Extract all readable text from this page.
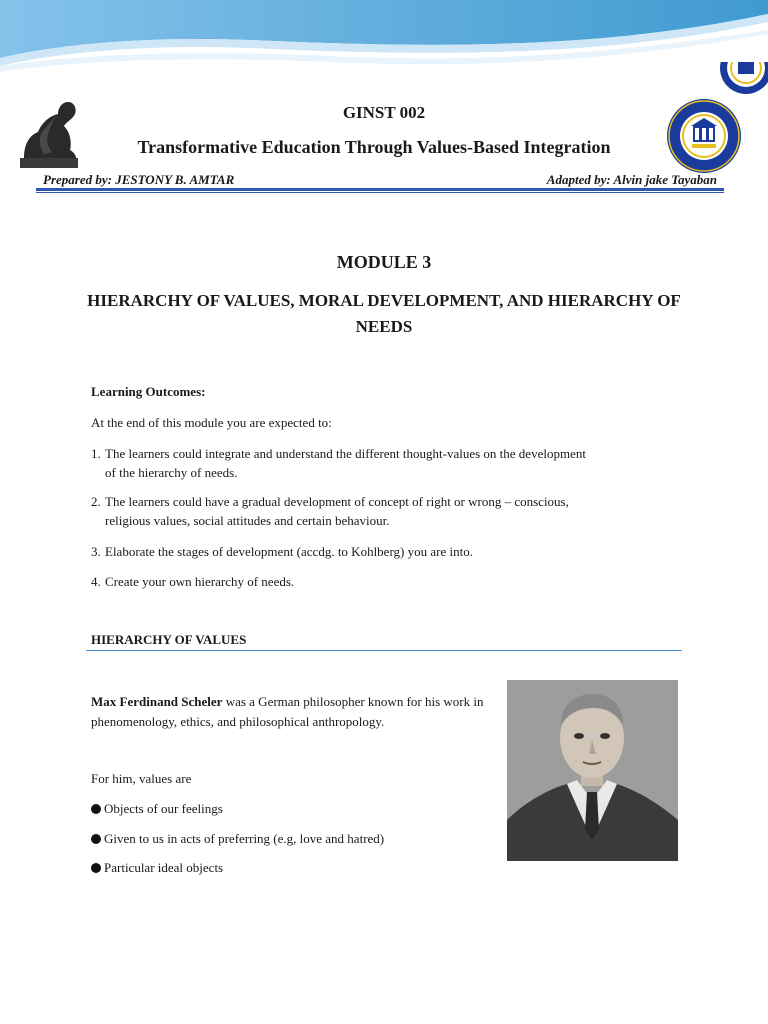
GINST 002
Transformative Education Through Values-Based Integration
Prepared by: JESTONY B. AMTAR	Adapted by: Alvin jake Tayaban
MODULE 3
HIERARCHY OF VALUES, MORAL DEVELOPMENT, AND HIERARCHY OF NEEDS
Learning Outcomes:
At the end of this module you are expected to:
1. The learners could integrate and understand the different thought-values on the development
of the hierarchy of needs.
2. The learners could have a gradual development of concept of right or wrong – conscious,
religious values, social attitudes and certain behaviour.
3. Elaborate the stages of development (accdg. to Kohlberg) you are into.
4. Create your own hierarchy of needs.
HIERARCHY OF VALUES
Max Ferdinand Scheler was a German philosopher known for his work in phenomenology, ethics, and philosophical anthropology.
For him, values are
Objects of our feelings
Given to us in acts of preferring (e.g, love and hatred)
Particular ideal objects
